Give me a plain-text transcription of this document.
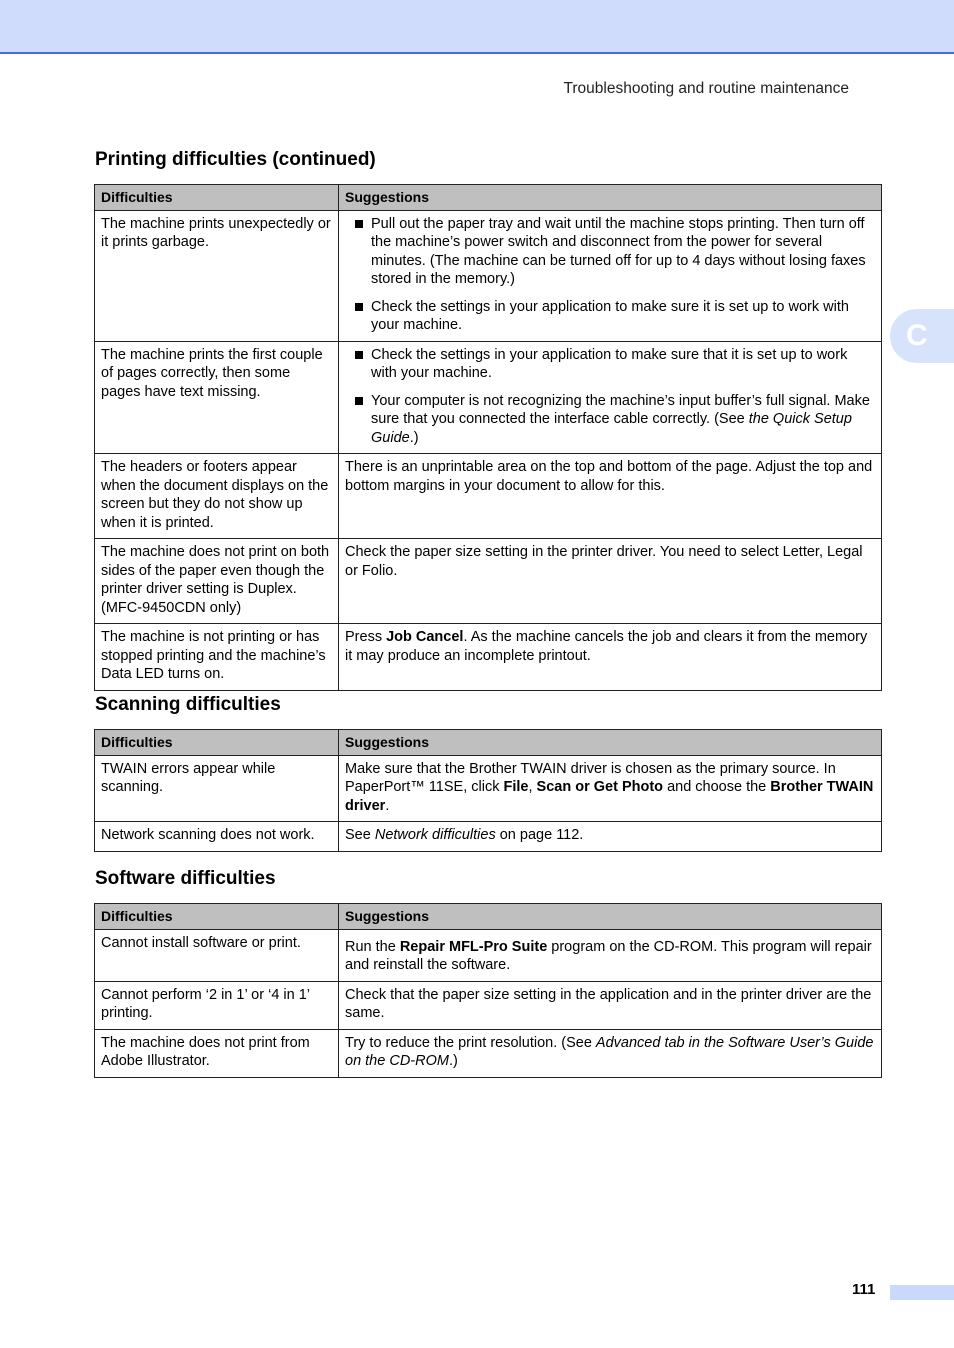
Troubleshooting and routine maintenance
C
Printing difficulties (continued)
Difficulties	Suggestions
The machine prints unexpectedly or it prints garbage.	Pull out the paper tray and wait until the machine stops printing. Then turn off the machine’s power switch and disconnect from the power for several minutes. (The machine can be turned off for up to 4 days without losing faxes stored in the memory.)
Check the settings in your application to make sure it is set up to work with your machine.

The machine prints the first couple of pages correctly, then some pages have text missing.	Check the settings in your application to make sure that it is set up to work with your machine.
Your computer is not recognizing the machine’s input buffer’s full signal. Make sure that you connected the interface cable correctly. (See the Quick Setup Guide.)

The headers or footers appear when the document displays on the screen but they do not show up when it is printed.	There is an unprintable area on the top and bottom of the page. Adjust the top and bottom margins in your document to allow for this.
The machine does not print on both sides of the paper even though the printer driver setting is Duplex. (MFC-9450CDN only)	Check the paper size setting in the printer driver. You need to select Letter, Legal or Folio.
The machine is not printing or has stopped printing and the machine’s Data LED turns on.	Press Job Cancel. As the machine cancels the job and clears it from the memory it may produce an incomplete printout.
Scanning difficulties
Difficulties	Suggestions
TWAIN errors appear while scanning.	Make sure that the Brother TWAIN driver is chosen as the primary source. In PaperPort™ 11SE, click File, Scan or Get Photo and choose the Brother TWAIN driver.
Network scanning does not work.	See Network difficulties on page 112.
Software difficulties
Difficulties	Suggestions
Cannot install software or print.	Run the Repair MFL-Pro Suite program on the CD-ROM. This program will repair and reinstall the software.
Cannot perform ‘2 in 1’ or ‘4 in 1’ printing.	Check that the paper size setting in the application and in the printer driver are the same.
The machine does not print from Adobe Illustrator.	Try to reduce the print resolution. (See Advanced tab in the Software User’s Guide on the CD-ROM.)
111
